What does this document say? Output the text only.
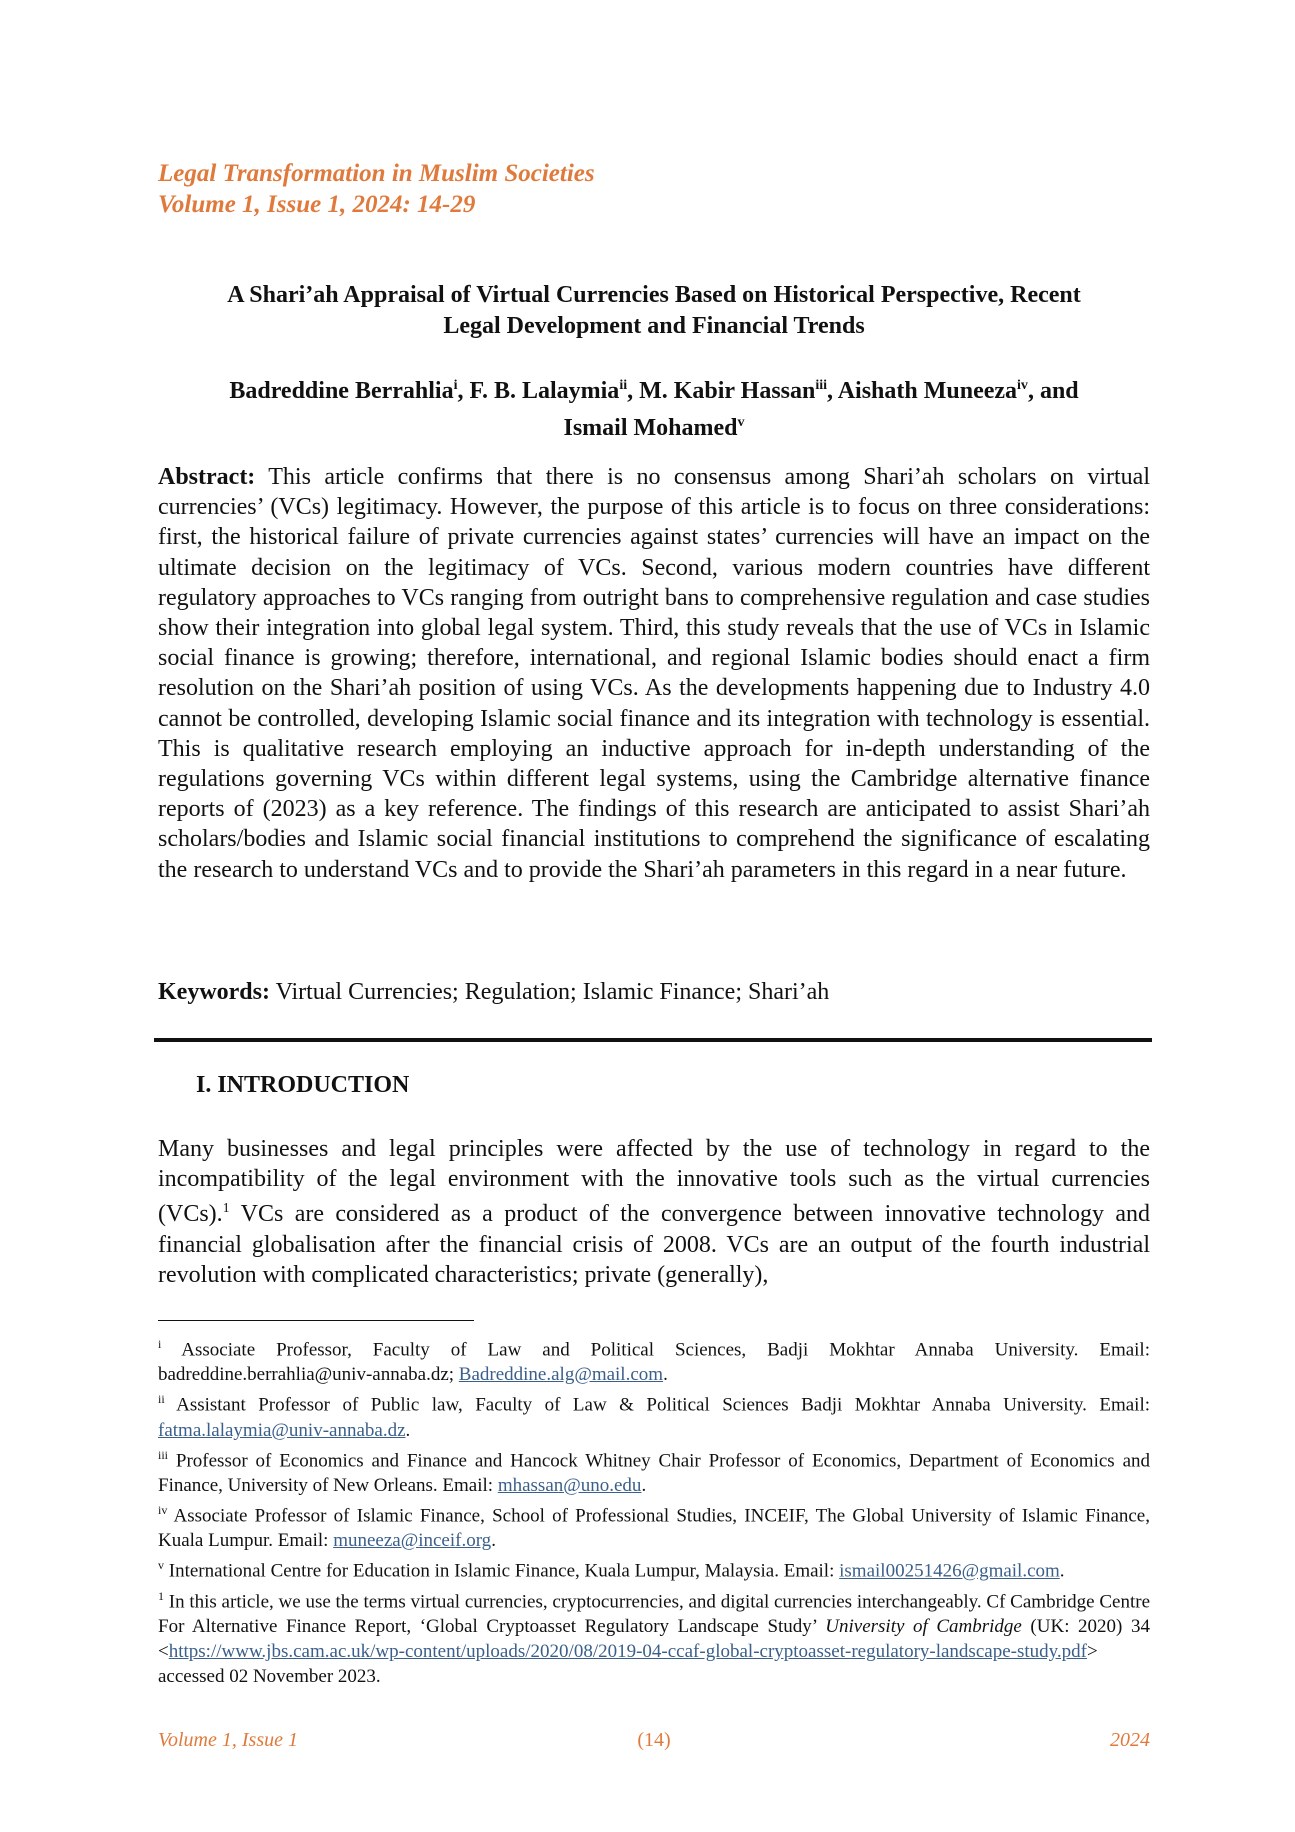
Legal Transformation in Muslim Societies
Volume 1, Issue 1, 2024: 14-29
A Shari’ah Appraisal of Virtual Currencies Based on Historical Perspective, Recent
Legal Development and Financial Trends
Badreddine Berrahlia$^i$, F. B. Lalaymia$^{ii}$, M. Kabir Hassan$^{iii}$, Aishath Muneeza$^{iv}$, and
Ismail Mohamed$^v$
Abstract: This article confirms that there is no consensus among Shari’ah scholars on virtual currencies’ (VCs) legitimacy. However, the purpose of this article is to focus on three considerations: first, the historical failure of private currencies against states’ currencies will have an impact on the ultimate decision on the legitimacy of VCs. Second, various modern countries have different regulatory approaches to VCs ranging from outright bans to comprehensive regulation and case studies show their integration into global legal system. Third, this study reveals that the use of VCs in Islamic social finance is growing; therefore, international, and regional Islamic bodies should enact a firm resolution on the Shari’ah position of using VCs. As the developments happening due to Industry 4.0 cannot be controlled, developing Islamic social finance and its integration with technology is essential. This is qualitative research employing an inductive approach for in-depth understanding of the regulations governing VCs within different legal systems, using the Cambridge alternative finance reports of (2023) as a key reference. The findings of this research are anticipated to assist Shari’ah scholars/bodies and Islamic social financial institutions to comprehend the significance of escalating the research to understand VCs and to provide the Shari’ah parameters in this regard in a near future.
Keywords: Virtual Currencies; Regulation; Islamic Finance; Shari’ah
I. INTRODUCTION
Many businesses and legal principles were affected by the use of technology in regard to the incompatibility of the legal environment with the innovative tools such as the virtual currencies (VCs).$^1$ VCs are considered as a product of the convergence between innovative technology and financial globalisation after the financial crisis of 2008. VCs are an output of the fourth industrial revolution with complicated characteristics; private (generally),

$^i$ Associate Professor, Faculty of Law and Political Sciences, Badji Mokhtar Annaba University. Email: badreddine.berrahlia@univ-annaba.dz; Badreddine.alg@mail.com.

$^{ii}$ Assistant Professor of Public law, Faculty of Law & Political Sciences Badji Mokhtar Annaba University. Email: fatma.lalaymia@univ-annaba.dz.

$^{iii}$ Professor of Economics and Finance and Hancock Whitney Chair Professor of Economics, Department of Economics and Finance, University of New Orleans. Email: mhassan@uno.edu.

$^{iv}$ Associate Professor of Islamic Finance, School of Professional Studies, INCEIF, The Global University of Islamic Finance, Kuala Lumpur. Email: muneeza@inceif.org.

$^v$ International Centre for Education in Islamic Finance, Kuala Lumpur, Malaysia. Email: ismail00251426@gmail.com.

$^1$ In this article, we use the terms virtual currencies, cryptocurrencies, and digital currencies interchangeably. Cf Cambridge Centre For Alternative Finance Report, ‘Global Cryptoasset Regulatory Landscape Study’ University of Cambridge (UK: 2020) 34 <https://www.jbs.cam.ac.uk/wp-content/uploads/2020/08/2019-04-ccaf-global-cryptoasset-regulatory-landscape-study.pdf> accessed 02 November 2023.

Volume 1, Issue 1	(14)	2024
